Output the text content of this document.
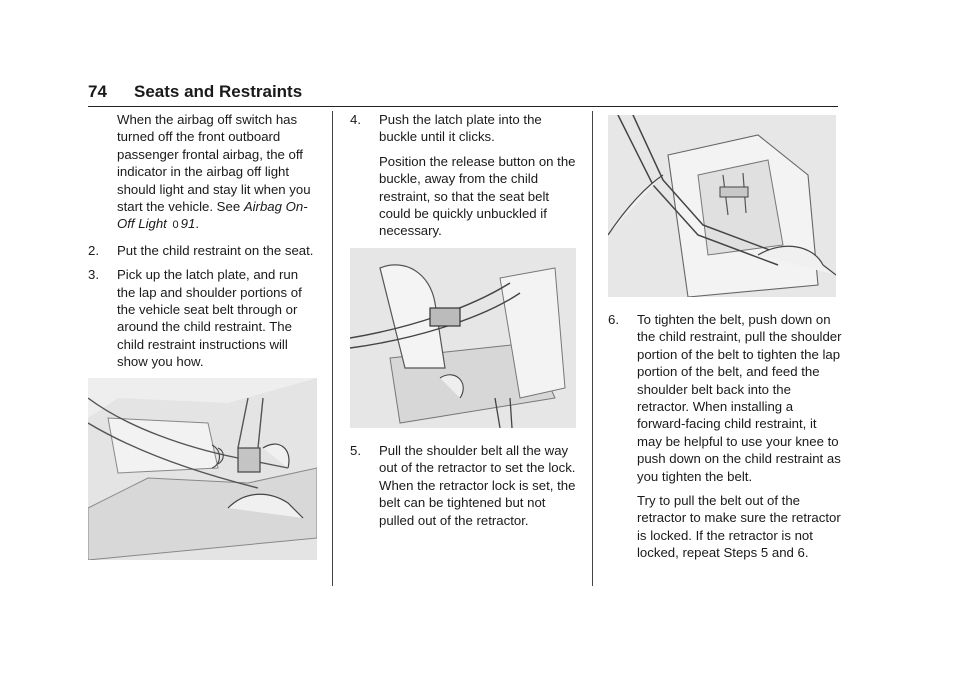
74 Seats and Restraints

When the airbag off switch has turned off the front outboard passenger frontal airbag, the off indicator in the airbag off light should light and stay lit when you start the vehicle. See Airbag On-Off Light 0 91.

2. Put the child restraint on the seat.
3. Pick up the latch plate, and run the lap and shoulder portions of the vehicle seat belt through or around the child restraint. The child restraint instructions will show you how.
4. Push the latch plate into the buckle until it clicks.

Position the release button on the buckle, away from the child restraint, so that the seat belt could be quickly unbuckled if necessary.

5. Pull the shoulder belt all the way out of the retractor to set the lock. When the retractor lock is set, the belt can be tightened but not pulled out of the retractor.
6. To tighten the belt, push down on the child restraint, pull the shoulder portion of the belt to tighten the lap portion of the belt, and feed the shoulder belt back into the retractor. When installing a forward-facing child restraint, it may be helpful to use your knee to push down on the child restraint as you tighten the belt.

Try to pull the belt out of the retractor to make sure the retractor is locked. If the retractor is not locked, repeat Steps 5 and 6.
